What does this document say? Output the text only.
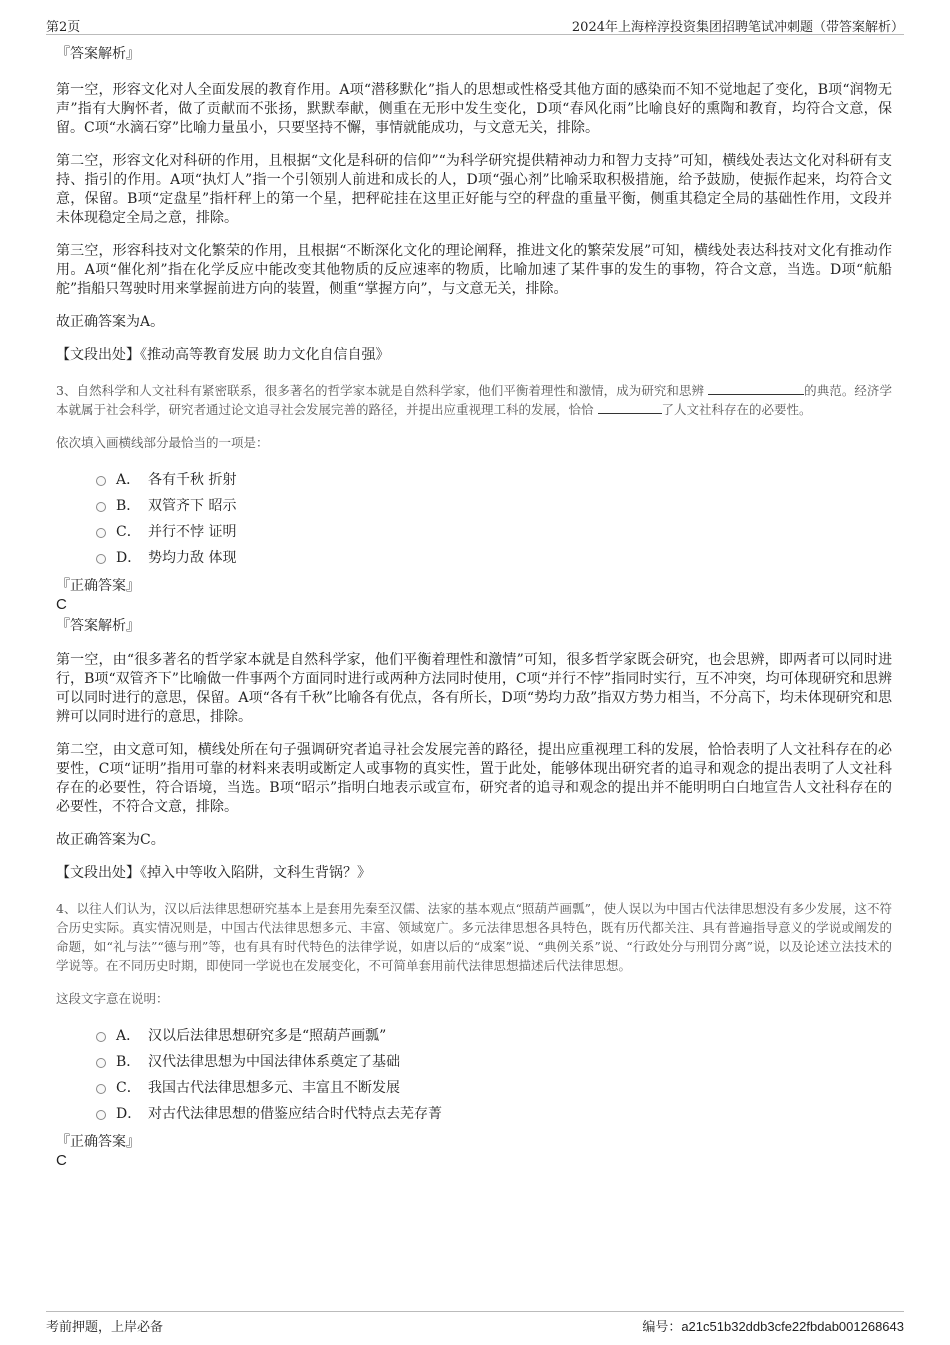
第2页	2024年上海梓淳投资集团招聘笔试冲刺题（带答案解析）
『答案解析』

第一空，形容文化对人全面发展的教育作用。A项“潜移默化”指人的思想或性格受其他方面的感染而不知不觉地起了变化，B项“润物无声”指有大胸怀者，做了贡献而不张扬，默默奉献，侧重在无形中发生变化，D项“春风化雨”比喻良好的熏陶和教育，均符合文意，保留。C项“水滴石穿”比喻力量虽小，只要坚持不懈，事情就能成功，与文意无关，排除。

第二空，形容文化对科研的作用，且根据“文化是科研的信仰”“为科学研究提供精神动力和智力支持”可知，横线处表达文化对科研有支持、指引的作用。A项“执灯人”指一个引领别人前进和成长的人，D项“强心剂”比喻采取积极措施，给予鼓励，使振作起来，均符合文意，保留。B项“定盘星”指杆秤上的第一个星，把秤砣挂在这里正好能与空的秤盘的重量平衡，侧重其稳定全局的基础性作用，文段并未体现稳定全局之意，排除。

第三空，形容科技对文化繁荣的作用，且根据“不断深化文化的理论阐释，推进文化的繁荣发展”可知，横线处表达科技对文化有推动作用。A项“催化剂”指在化学反应中能改变其他物质的反应速率的物质，比喻加速了某件事的发生的事物，符合文意，当选。D项“航船舵”指船只驾驶时用来掌握前进方向的装置，侧重“掌握方向”，与文意无关，排除。

故正确答案为A。

【文段出处】《推动高等教育发展 助力文化自信自强》

3、自然科学和人文社科有紧密联系，很多著名的哲学家本就是自然科学家，他们平衡着理性和激情，成为研究和思辨	的典范。经济学本就属于社会科学，研究者通过论文追寻社会发展完善的路径，并提出应重视理工科的发展，恰恰	了人文社科存在的必要性。

依次填入画横线部分最恰当的一项是：

A． 各有千秋 折射
B． 双管齐下 昭示
C． 并行不悖 证明
D． 势均力敌 体现
『正确答案』
C
『答案解析』

第一空，由“很多著名的哲学家本就是自然科学家，他们平衡着理性和激情”可知，很多哲学家既会研究，也会思辨，即两者可以同时进行，B项“双管齐下”比喻做一件事两个方面同时进行或两种方法同时使用，C项“并行不悖”指同时实行，互不冲突，均可体现研究和思辨可以同时进行的意思，保留。A项“各有千秋”比喻各有优点，各有所长，D项“势均力敌”指双方势力相当，不分高下，均未体现研究和思辨可以同时进行的意思，排除。

第二空，由文意可知，横线处所在句子强调研究者追寻社会发展完善的路径，提出应重视理工科的发展，恰恰表明了人文社科存在的必要性，C项“证明”指用可靠的材料来表明或断定人或事物的真实性，置于此处，能够体现出研究者的追寻和观念的提出表明了人文社科存在的必要性，符合语境，当选。B项“昭示”指明白地表示或宣布，研究者的追寻和观念的提出并不能明明白白地宣告人文社科存在的必要性，不符合文意，排除。

故正确答案为C。

【文段出处】《掉入中等收入陷阱，文科生背锅？》

4、以往人们认为，汉以后法律思想研究基本上是套用先秦至汉儒、法家的基本观点“照葫芦画瓢”，使人误以为中国古代法律思想没有多少发展，这不符合历史实际。真实情况则是，中国古代法律思想多元、丰富、领域宽广。多元法律思想各具特色，既有历代都关注、具有普遍指导意义的学说或阐发的命题，如“礼与法”“德与刑”等，也有具有时代特色的法律学说，如唐以后的“成案”说、“典例关系”说、“行政处分与刑罚分离”说，以及论述立法技术的学说等。在不同历史时期，即使同一学说也在发展变化，不可简单套用前代法律思想描述后代法律思想。

这段文字意在说明：

A． 汉以后法律思想研究多是“照葫芦画瓢”
B． 汉代法律思想为中国法律体系奠定了基础
C． 我国古代法律思想多元、丰富且不断发展
D． 对古代法律思想的借鉴应结合时代特点去芜存菁
『正确答案』
C
考前押题，上岸必备	编号：a21c51b32ddb3cfe22fbdab001268643
